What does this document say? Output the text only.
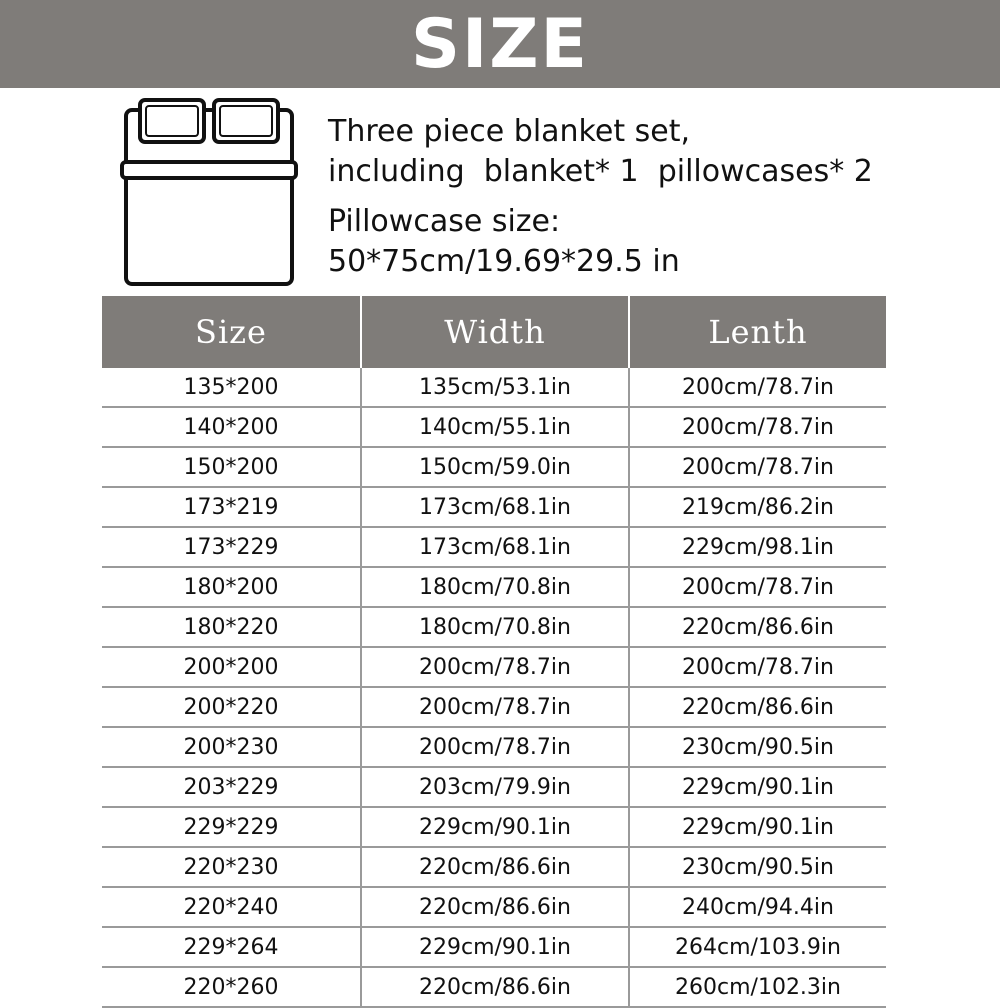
SIZE
Three piece blanket set,
including  blanket* 1  pillowcases* 2
Pillowcase size:
50*75cm/19.69*29.5 in
Size	Width	Lenth
135*200	135cm/53.1in	200cm/78.7in
140*200	140cm/55.1in	200cm/78.7in
150*200	150cm/59.0in	200cm/78.7in
173*219	173cm/68.1in	219cm/86.2in
173*229	173cm/68.1in	229cm/98.1in
180*200	180cm/70.8in	200cm/78.7in
180*220	180cm/70.8in	220cm/86.6in
200*200	200cm/78.7in	200cm/78.7in
200*220	200cm/78.7in	220cm/86.6in
200*230	200cm/78.7in	230cm/90.5in
203*229	203cm/79.9in	229cm/90.1in
229*229	229cm/90.1in	229cm/90.1in
220*230	220cm/86.6in	230cm/90.5in
220*240	220cm/86.6in	240cm/94.4in
229*264	229cm/90.1in	264cm/103.9in
220*260	220cm/86.6in	260cm/102.3in
